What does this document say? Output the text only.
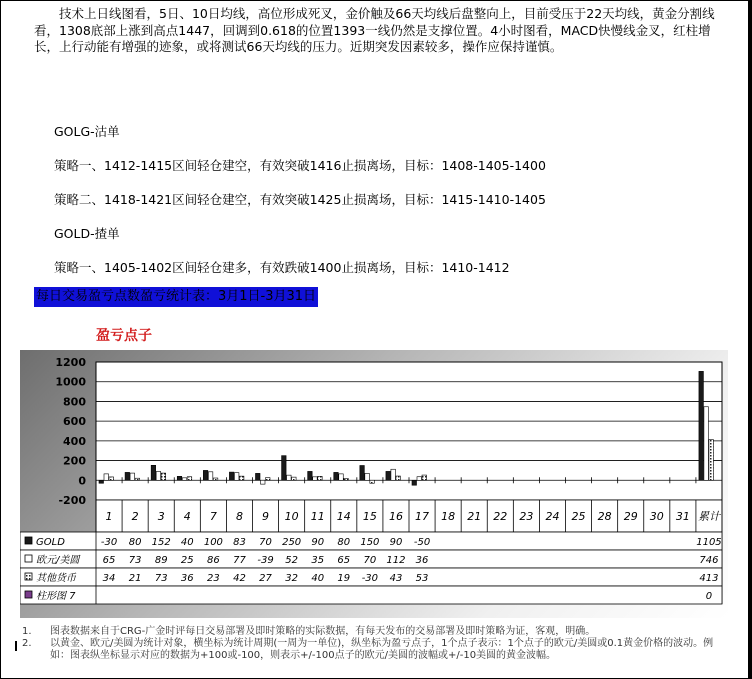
技术上日线图看，5日、10日均线，高位形成死叉，金价触及66天均线后盘整向上，目前受压于22天均线，黄金分割线看，1308底部上涨到高点1447，回调到0.618的位置1393一线仍然是支撑位置。4小时图看，MACD快慢线金叉，红柱增长，上行动能有增强的迹象，或将测试66天均线的压力。近期突发因素较多，操作应保持谨慎。

GOLG-沽单
策略一、1412-1415区间轻仓建空，有效突破1416止损离场，目标：1408-1405-1400
策略二、1418-1421区间轻仓建空，有效突破1425止损离场，目标：1415-1410-1405
GOLD-揸单
策略一、1405-1402区间轻仓建多，有效跌破1400止损离场，目标：1410-1412
每日交易盈亏点数盈亏统计表：3月1日-3月31日
盈亏点子
-200
0
200
400
600
800
1000
1200
1 2 3 4 7 8 9 10 11 14 15 16 17 18 21 22 23 24 25 28 29 30 31 累计
GOLD	-30 80 152 40 100 83 70 250 90 80 150 90 -50	1105
欧元/美圆 65 73 89 25 86 77 -39 52 35 65 70 112 36	746
其他货币	34 21 73 36 23 42 27 32 40 19 -30 43 53	413
柱形图 7	0
1.	图表数据来自于CRG-广金时评每日交易部署及即时策略的实际数据，有每天发布的交易部署及即时策略为证，客观，明确。
2.	以黄金、欧元/美圆为统计对象，横坐标为统计周期(一周为一单位)，纵坐标为盈亏点子，1个点子表示：1个点子的欧元/美圆或0.1黄金价格的波动。例如：图表纵坐标显示对应的数据为+100或-100，则表示+/-100点子的欧元/美圆的波幅或+/-10美圆的黄金波幅。
